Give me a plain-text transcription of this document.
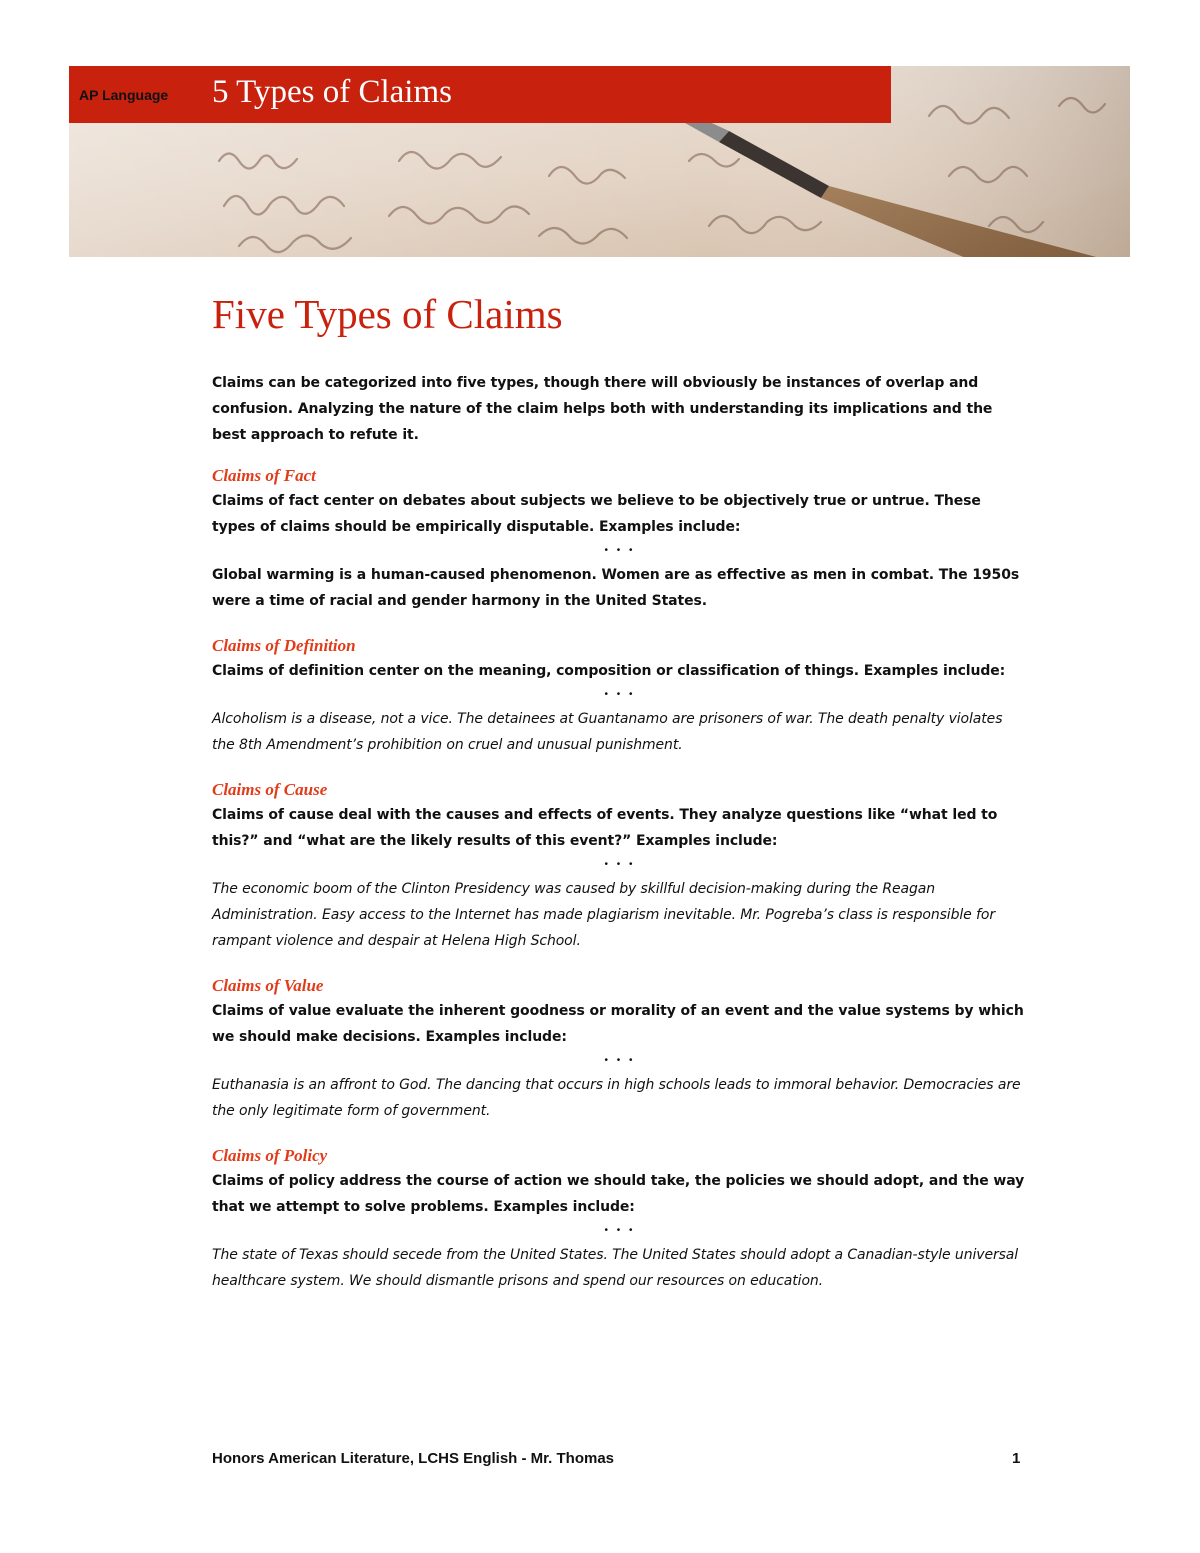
AP Language 5 Types of Claims
Five Types of Claims

Claims can be categorized into five types, though there will obviously be instances of overlap and confusion. Analyzing the nature of the claim helps both with understanding its implications and the best approach to refute it.

Claims of Fact

Claims of fact center on debates about subjects we believe to be objectively true or untrue. These types of claims should be empirically disputable. Examples include:

• • •

Global warming is a human-caused phenomenon. Women are as effective as men in combat. The 1950s were a time of racial and gender harmony in the United States.

Claims of Definition

Claims of definition center on the meaning, composition or classification of things. Examples include:

• • •

Alcoholism is a disease, not a vice. The detainees at Guantanamo are prisoners of war. The death penalty violates the 8th Amendment’s prohibition on cruel and unusual punishment.

Claims of Cause

Claims of cause deal with the causes and effects of events. They analyze questions like “what led to this?” and “what are the likely results of this event?” Examples include:

• • •

The economic boom of the Clinton Presidency was caused by skillful decision-making during the Reagan Administration. Easy access to the Internet has made plagiarism inevitable. Mr. Pogreba’s class is responsible for rampant violence and despair at Helena High School.

Claims of Value

Claims of value evaluate the inherent goodness or morality of an event and the value systems by which we should make decisions. Examples include:

• • •

Euthanasia is an affront to God. The dancing that occurs in high schools leads to immoral behavior. Democracies are the only legitimate form of government.

Claims of Policy

Claims of policy address the course of action we should take, the policies we should adopt, and the way that we attempt to solve problems. Examples include:

• • •

The state of Texas should secede from the United States. The United States should adopt a Canadian-style universal healthcare system. We should dismantle prisons and spend our resources on education.

Honors American Literature, LCHS English - Mr. Thomas	1
